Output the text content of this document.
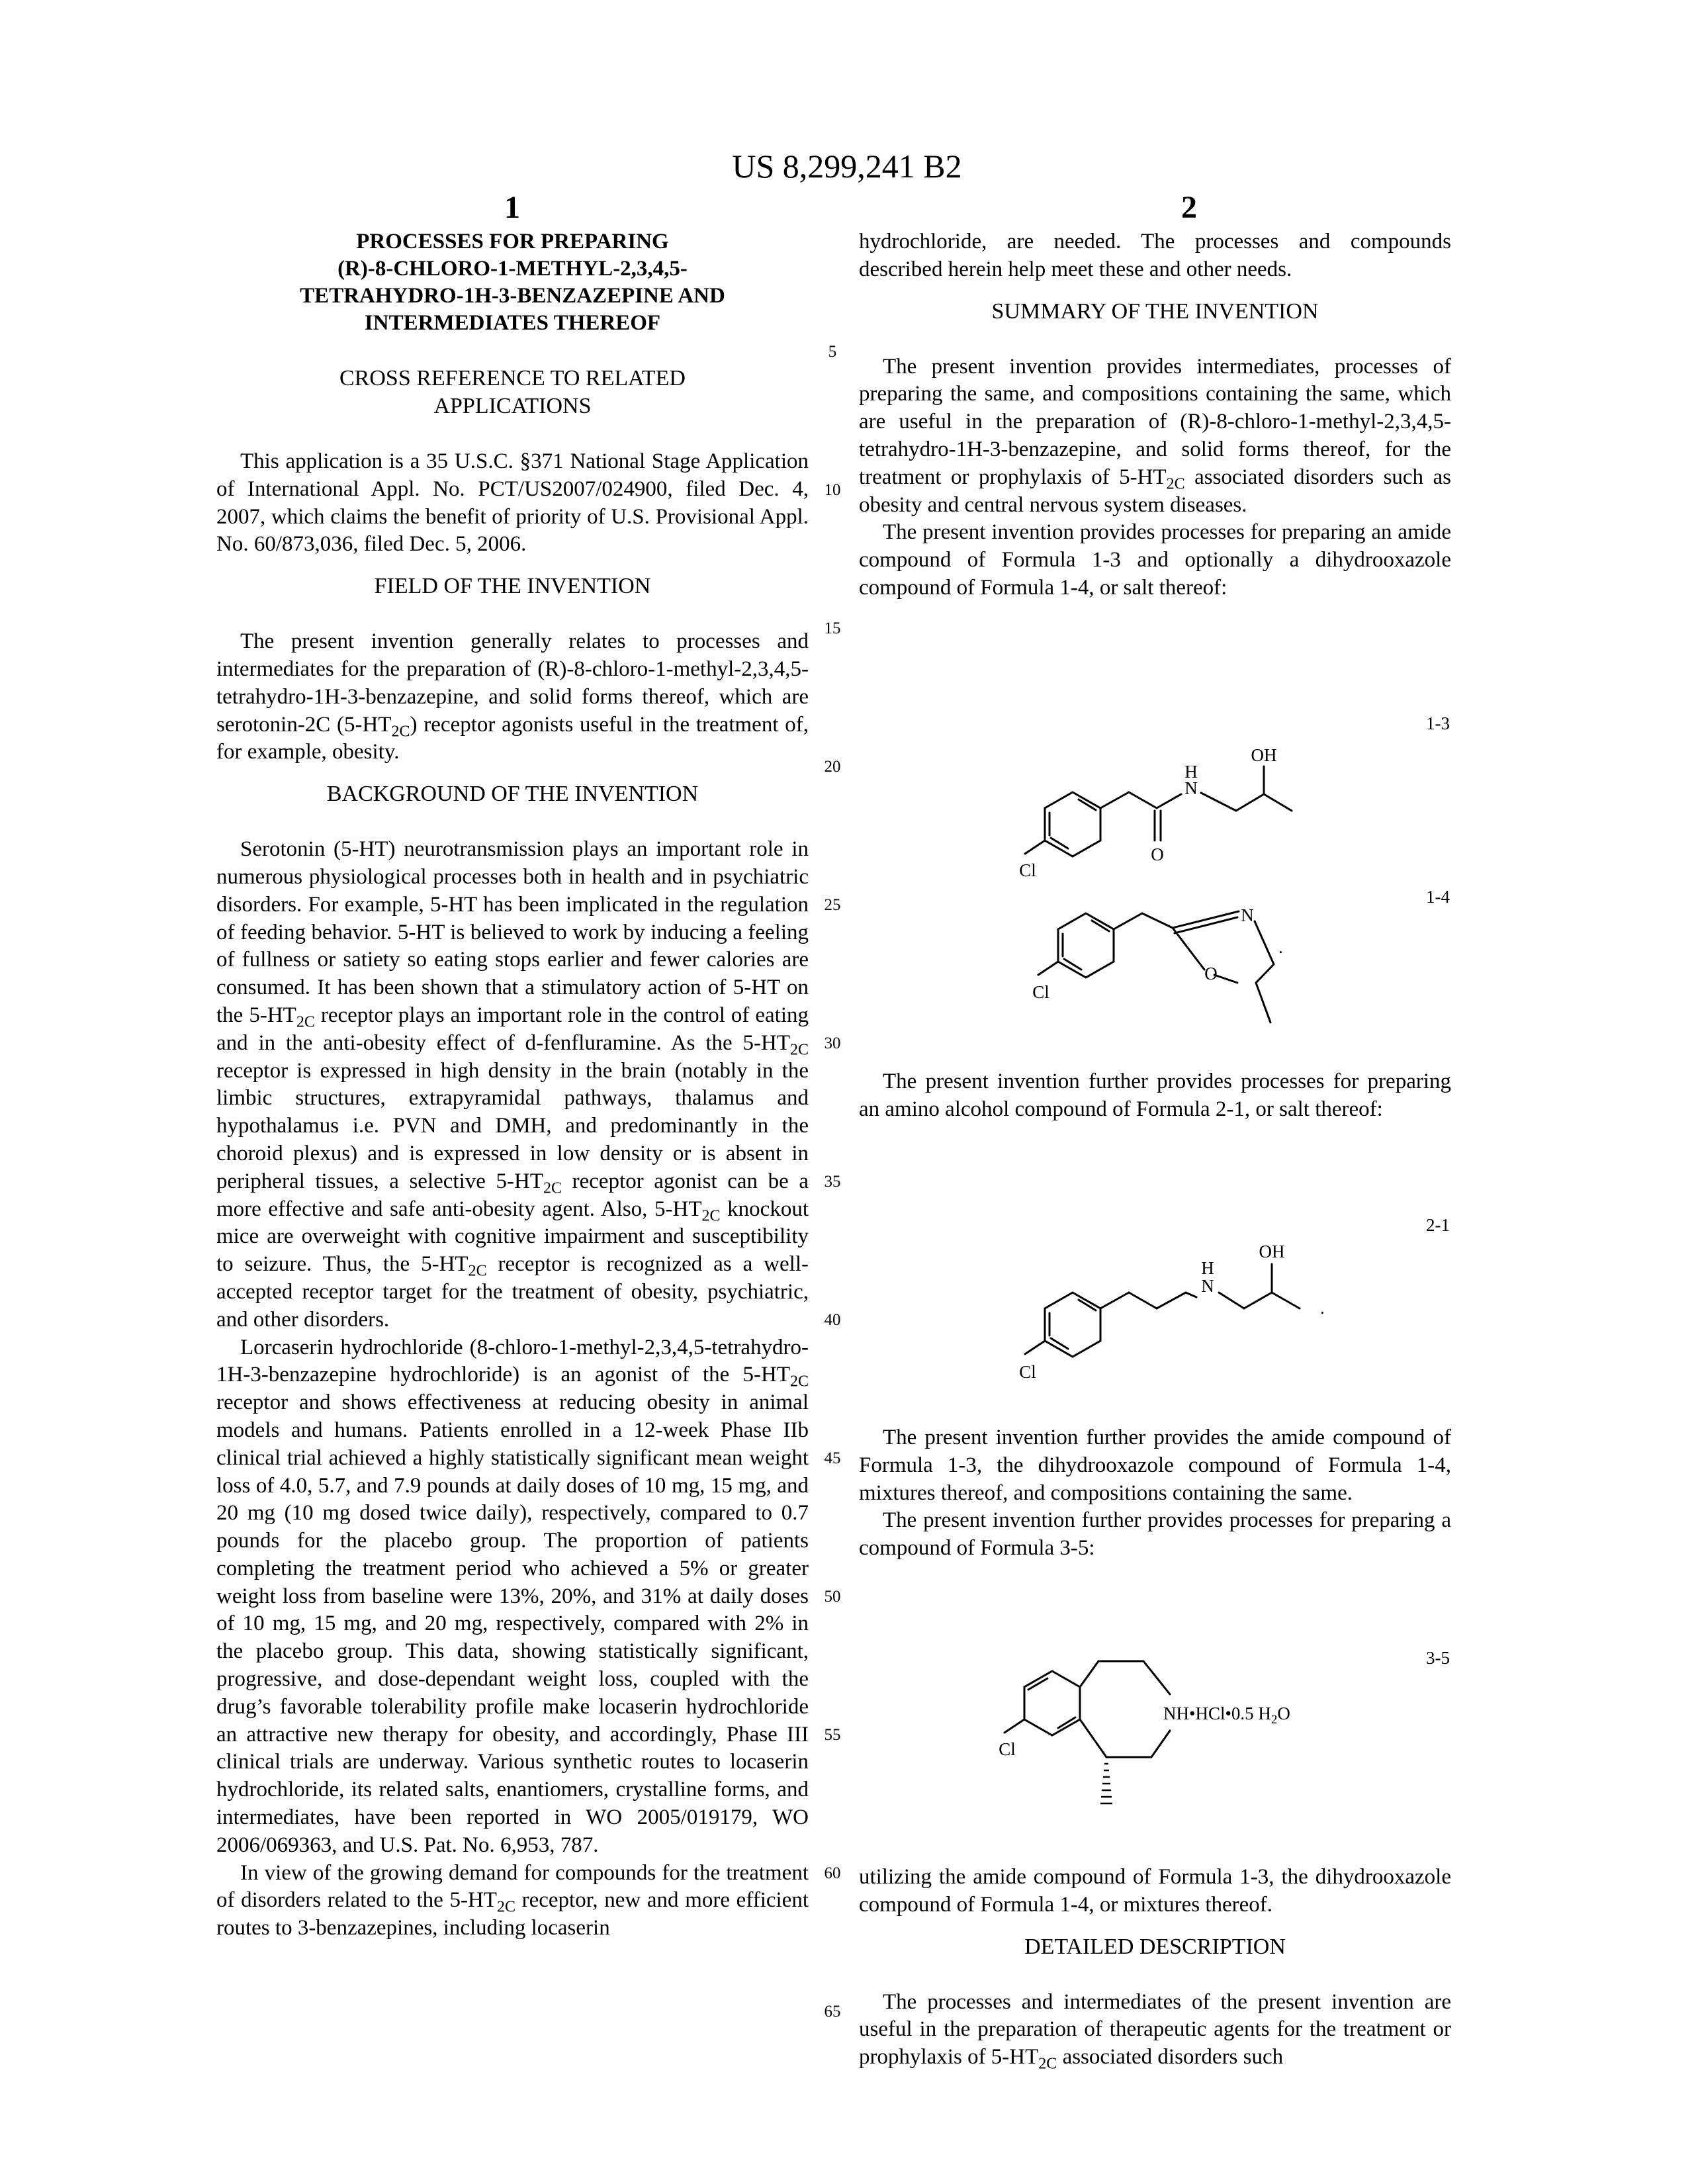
US 8,299,241 B2
1	2
PROCESSES FOR PREPARING
(R)-8-CHLORO-1-METHYL-2,3,4,5-
TETRAHYDRO-1H-3-BENZAZEPINE AND
INTERMEDIATES THEREOF
CROSS REFERENCE TO RELATED
APPLICATIONS

This application is a 35 U.S.C. §371 National Stage Application of International Appl. No. PCT/US2007/024900, filed Dec. 4, 2007, which claims the benefit of priority of U.S. Provisional Appl. No. 60/873,036, filed Dec. 5, 2006.

FIELD OF THE INVENTION

The present invention generally relates to processes and intermediates for the preparation of (R)-8-chloro-1-methyl-2,3,4,5-tetrahydro-1H-3-benzazepine, and solid forms thereof, which are serotonin-2C $(5-HT_{2C})$ receptor agonists useful in the treatment of, for example, obesity.

BACKGROUND OF THE INVENTION

Serotonin (5-HT) neurotransmission plays an important role in numerous physiological processes both in health and in psychiatric disorders. For example, 5-HT has been implicated in the regulation of feeding behavior. 5-HT is believed to work by inducing a feeling of fullness or satiety so eating stops earlier and fewer calories are consumed. It has been shown that a stimulatory action of 5-HT on the $5-HT_{2C}$ receptor plays an important role in the control of eating and in the anti-obesity effect of d-fenfluramine. As the $5-HT_{2C}$ receptor is expressed in high density in the brain (notably in the limbic structures, extrapyramidal pathways, thalamus and hypothalamus i.e. PVN and DMH, and predominantly in the choroid plexus) and is expressed in low density or is absent in peripheral tissues, a selective $5-HT_{2C}$ receptor agonist can be a more effective and safe anti-obesity agent. Also, $5-HT_{2C}$ knockout mice are overweight with cognitive impairment and susceptibility to seizure. Thus, the $5-HT_{2C}$ receptor is recognized as a well-accepted receptor target for the treatment of obesity, psychiatric, and other disorders.

Lorcaserin hydrochloride (8-chloro-1-methyl-2,3,4,5-tetrahydro-1H-3-benzazepine hydrochloride) is an agonist of the $5-HT_{2C}$ receptor and shows effectiveness at reducing obesity in animal models and humans. Patients enrolled in a 12-week Phase IIb clinical trial achieved a highly statistically significant mean weight loss of 4.0, 5.7, and 7.9 pounds at daily doses of 10 mg, 15 mg, and 20 mg (10 mg dosed twice daily), respectively, compared to 0.7 pounds for the placebo group. The proportion of patients completing the treatment period who achieved a 5% or greater weight loss from baseline were 13%, 20%, and 31% at daily doses of 10 mg, 15 mg, and 20 mg, respectively, compared with 2% in the placebo group. This data, showing statistically significant, progressive, and dose-dependant weight loss, coupled with the drug’s favorable tolerability profile make locaserin hydrochloride an attractive new therapy for obesity, and accordingly, Phase III clinical trials are underway. Various synthetic routes to locaserin hydrochloride, its related salts, enantiomers, crystalline forms, and intermediates, have been reported in WO 2005/019179, WO 2006/069363, and U.S. Pat. No. 6,953, 787.

In view of the growing demand for compounds for the treatment of disorders related to the $5-HT_{2C}$ receptor, new and more efficient routes to 3-benzazepines, including locaserin

5
10
15
20
25
30
35
40
45
50
55
60
65

hydrochloride, are needed. The processes and compounds described herein help meet these and other needs.

SUMMARY OF THE INVENTION

The present invention provides intermediates, processes of preparing the same, and compositions containing the same, which are useful in the preparation of (R)-8-chloro-1-methyl-2,3,4,5-tetrahydro-1H-3-benzazepine, and solid forms thereof, for the treatment or prophylaxis of $5-HT_{2C}$ associated disorders such as obesity and central nervous system diseases.

The present invention provides processes for preparing an amide compound of Formula 1-3 and optionally a dihydrooxazole compound of Formula 1-4, or salt thereof:

The present invention further provides processes for preparing an amino alcohol compound of Formula 2-1, or salt thereof:

The present invention further provides the amide compound of Formula 1-3, the dihydrooxazole compound of Formula 1-4, mixtures thereof, and compositions containing the same.

The present invention further provides processes for preparing a compound of Formula 3-5:

utilizing the amide compound of Formula 1-3, the dihydrooxazole compound of Formula 1-4, or mixtures thereof.

DETAILED DESCRIPTION

The processes and intermediates of the present invention are useful in the preparation of therapeutic agents for the treatment or prophylaxis of $5-HT_{2C}$ associated disorders such

1-3
1-4
2-1
3-5
Cl
O
H
N
OH
Cl
N
O
.
Cl
H
N
OH
.
Cl
NH•HCl•0.5 $H_2O$
